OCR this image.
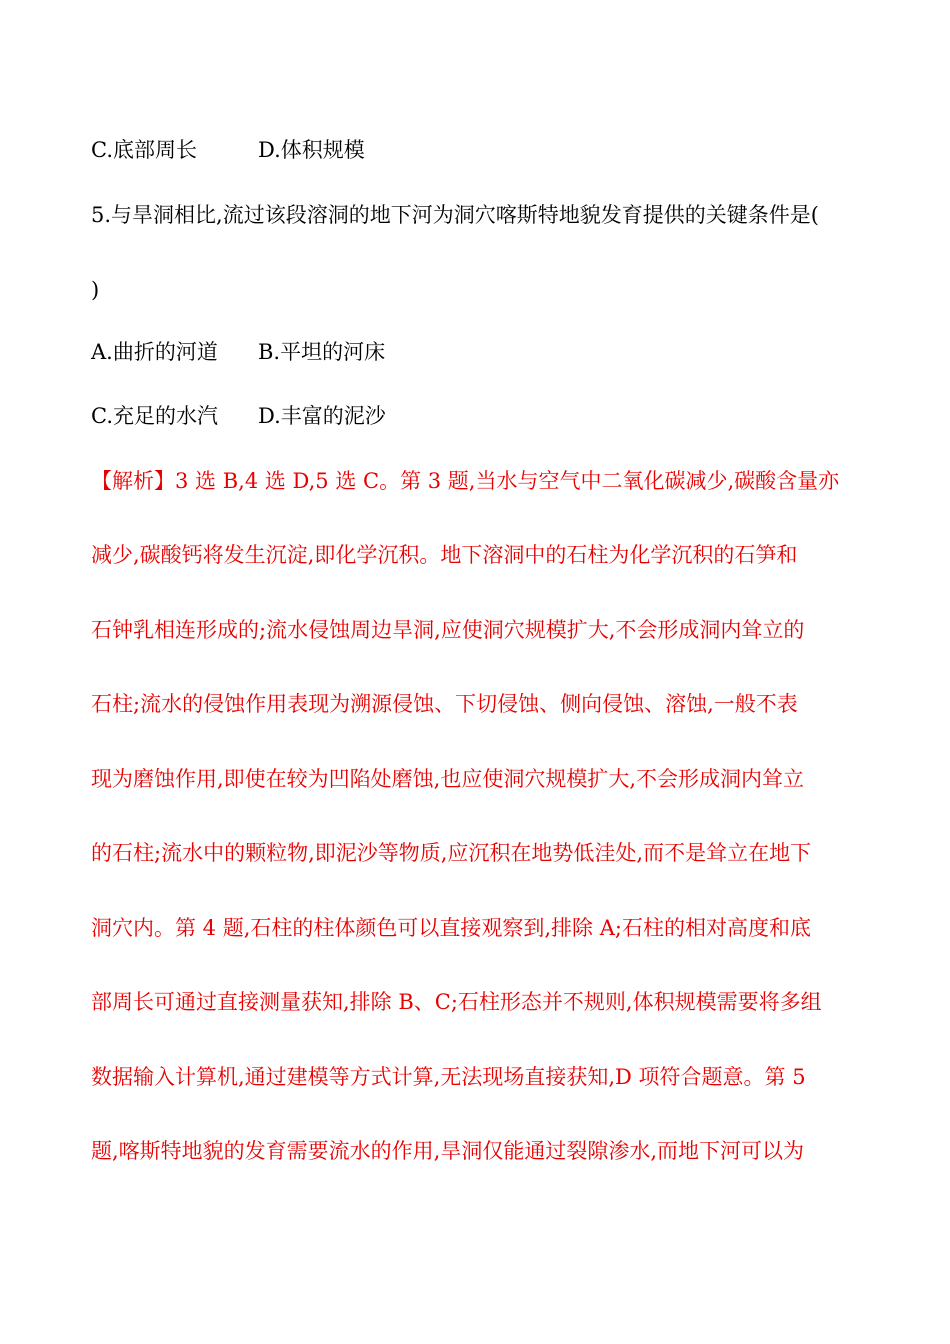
C.底部周长	D.体积规模
5.与旱洞相比,流过该段溶洞的地下河为洞穴喀斯特地貌发育提供的关键条件是(
)
A.曲折的河道 B.平坦的河床
C.充足的水汽 D.丰富的泥沙
【解析】3 选 B,4 选 D,5 选 C。第 3 题,当水与空气中二氧化碳减少,碳酸含量亦
减少,碳酸钙将发生沉淀,即化学沉积。地下溶洞中的石柱为化学沉积的石笋和
石钟乳相连形成的;流水侵蚀周边旱洞,应使洞穴规模扩大,不会形成洞内耸立的
石柱;流水的侵蚀作用表现为溯源侵蚀、下切侵蚀、侧向侵蚀、溶蚀,一般不表
现为磨蚀作用,即使在较为凹陷处磨蚀,也应使洞穴规模扩大,不会形成洞内耸立
的石柱;流水中的颗粒物,即泥沙等物质,应沉积在地势低洼处,而不是耸立在地下
洞穴内。第 4 题,石柱的柱体颜色可以直接观察到,排除 A;石柱的相对高度和底
部周长可通过直接测量获知,排除 B、C;石柱形态并不规则,体积规模需要将多组
数据输入计算机,通过建模等方式计算,无法现场直接获知,D 项符合题意。第 5
题,喀斯特地貌的发育需要流水的作用,旱洞仅能通过裂隙渗水,而地下河可以为
